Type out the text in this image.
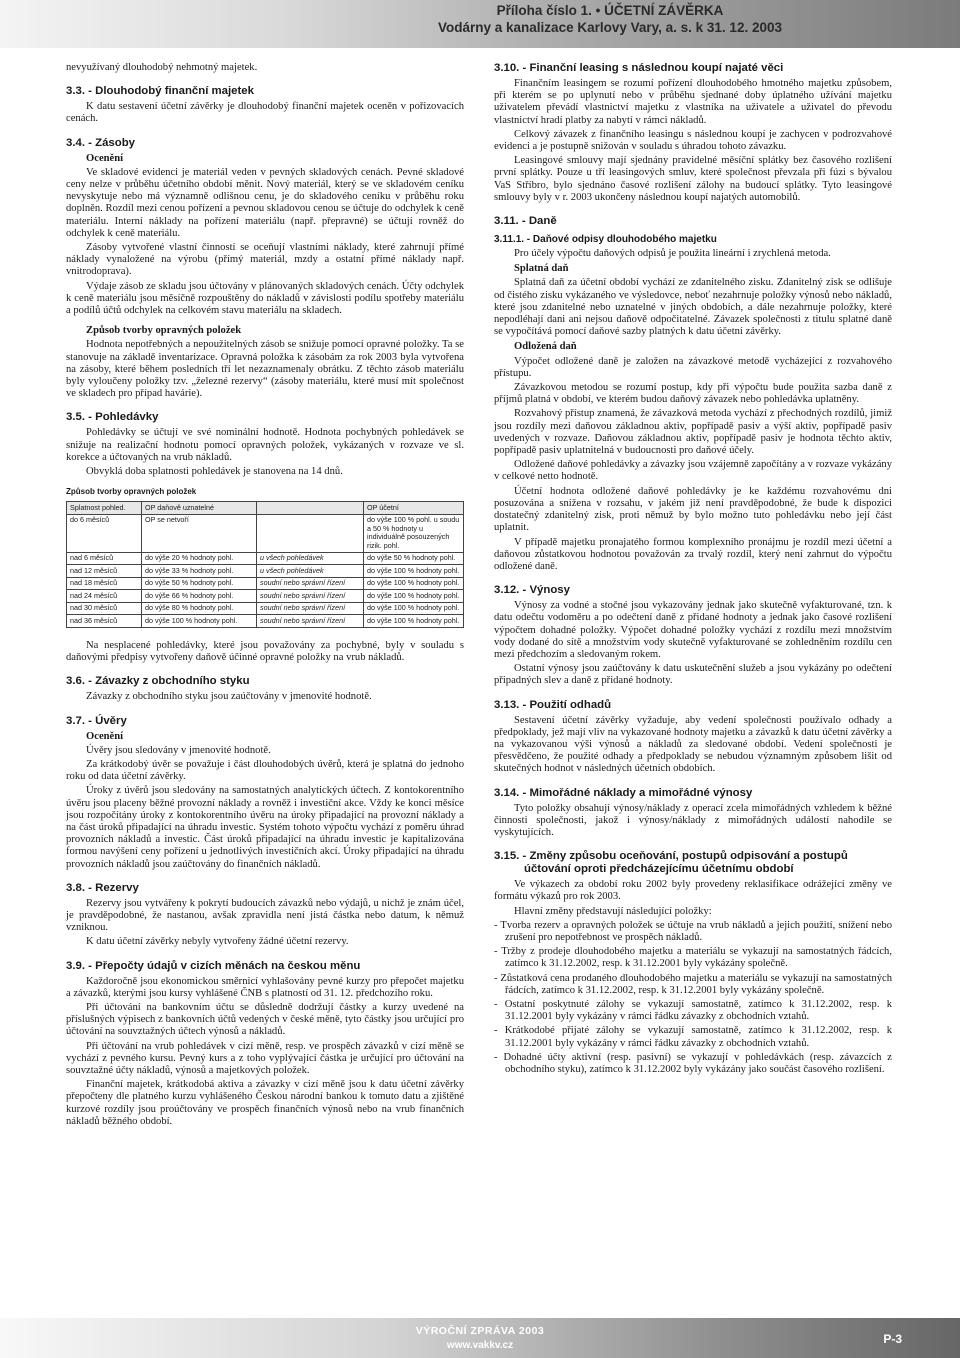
Příloha číslo 1. • ÚČETNÍ ZÁVĚRKA
Vodárny a kanalizace Karlovy Vary, a. s. k 31. 12. 2003

nevyužívaný dlouhodobý nehmotný majetek.

3.3. - Dlouhodobý finanční majetek

K datu sestavení účetní závěrky je dlouhodobý finanční majetek oceněn v pořizovacích cenách.

3.4. - Zásoby

Ocenění

Ve skladové evidenci je materiál veden v pevných skladových cenách. Pevné skladové ceny nelze v průběhu účetního období měnit. Nový materiál, který se ve skladovém ceníku nevyskytuje nebo má významně odlišnou cenu, je do skladového ceníku v průběhu roku doplněn. Rozdíl mezi cenou pořízení a pevnou skladovou cenou se účtuje do odchylek k ceně materiálu. Interní náklady na pořízení materiálu (např. přepravné) se účtují rovněž do odchylek k ceně materiálu.

Zásoby vytvořené vlastní činností se oceňují vlastními náklady, které zahrnují přímé náklady vynaložené na výrobu (přímý materiál, mzdy a ostatní přímé náklady např. vnitrodoprava).

Výdaje zásob ze skladu jsou účtovány v plánovaných skladových cenách. Účty odchylek k ceně materiálu jsou měsíčně rozpouštěny do nákladů v závislosti podílu spotřeby materiálu a podílů účtů odchylek na celkovém stavu materiálu na skladech.

Způsob tvorby opravných položek

Hodnota nepotřebných a nepoužitelných zásob se snižuje pomocí opravné položky. Ta se stanovuje na základě inventarizace. Opravná položka k zásobám za rok 2003 byla vytvořena na zásoby, které během posledních tří let nezaznamenaly obrátku. Z těchto zásob materiálu byly vyloučeny položky tzv. „železné rezervy“ (zásoby materiálu, které musí mít společnost ve skladech pro případ havárie).

3.5. - Pohledávky

Pohledávky se účtují ve své nominální hodnotě. Hodnota pochybných pohledávek se snižuje na realizační hodnotu pomocí opravných položek, vykázaných v rozvaze ve sl. korekce a účtovaných na vrub nákladů.

Obvyklá doba splatnosti pohledávek je stanovena na 14 dnů.

Způsob tvorby opravných položek
Splatnost pohled.	OP daňově uznatelné		OP účetní
do 6 měsíců	OP se netvoří		do výše 100 % pohl. u soudu a 50 % hodnoty u individuálně posouzených rizik. pohl.
nad 6 měsíců	do výše 20 % hodnoty pohl.	u všech pohledávek	do výše 50 % hodnoty pohl.
nad 12 měsíců	do výše 33 % hodnoty pohl.	u všech pohledávek	do výše 100 % hodnoty pohl.
nad 18 měsíců	do výše 50 % hodnoty pohl.	soudní nebo správní řízení	do výše 100 % hodnoty pohl.
nad 24 měsíců	do výše 66 % hodnoty pohl.	soudní nebo správní řízení	do výše 100 % hodnoty pohl.
nad 30 měsíců	do výše 80 % hodnoty pohl.	soudní nebo správní řízení	do výše 100 % hodnoty pohl.
nad 36 měsíců	do výše 100 % hodnoty pohl.	soudní nebo správní řízení	do výše 100 % hodnoty pohl.

Na nesplacené pohledávky, které jsou považovány za pochybné, byly v souladu s daňovými předpisy vytvořeny daňově účinné opravné položky na vrub nákladů.

3.6. - Závazky z obchodního styku

Závazky z obchodního styku jsou zaúčtovány v jmenovité hodnotě.

3.7. - Úvěry

Ocenění

Úvěry jsou sledovány v jmenovité hodnotě.

Za krátkodobý úvěr se považuje i část dlouhodobých úvěrů, která je splatná do jednoho roku od data účetní závěrky.

Úroky z úvěrů jsou sledovány na samostatných analytických účtech. Z kontokorentního úvěru jsou placeny běžné provozní náklady a rovněž i investiční akce. Vždy ke konci měsíce jsou rozpočítány úroky z kontokorentního úvěru na úroky připadající na provozní náklady a na část úroků připadající na úhradu investic. Systém tohoto výpočtu vychází z poměru úhrad provozních nákladů a investic. Část úroků připadající na úhradu investic je kapitalizována formou navýšení ceny pořízení u jednotlivých investičních akcí. Úroky připadající na úhradu provozních nákladů jsou zaúčtovány do finančních nákladů.

3.8. - Rezervy

Rezervy jsou vytvářeny k pokrytí budoucích závazků nebo výdajů, u nichž je znám účel, je pravděpodobné, že nastanou, avšak zpravidla není jistá částka nebo datum, k němuž vzniknou.

K datu účetní závěrky nebyly vytvořeny žádné účetní rezervy.

3.9. - Přepočty údajů v cizích měnách na českou měnu

Každoročně jsou ekonomickou směrnicí vyhlašovány pevné kurzy pro přepočet majetku a závazků, kterými jsou kursy vyhlášené ČNB s platností od 31. 12. předchozího roku.

Při účtování na bankovním účtu se důsledně dodržují částky a kurzy uvedené na příslušných výpisech z bankovních účtů vedených v české měně, tyto částky jsou určující pro účtování na souvztažných účtech výnosů a nákladů.

Při účtování na vrub pohledávek v cizí měně, resp. ve prospěch závazků v cizí měně se vychází z pevného kursu. Pevný kurs a z toho vyplývající částka je určující pro účtování na souvztažné účty nákladů, výnosů a majetkových položek.

Finanční majetek, krátkodobá aktiva a závazky v cizí měně jsou k datu účetní závěrky přepočteny dle platného kurzu vyhlášeného Českou národní bankou k tomuto datu a zjištěné kurzové rozdíly jsou proúčtovány ve prospěch finančních výnosů nebo na vrub finančních nákladů běžného období.

3.10. - Finanční leasing s následnou koupí najaté věci

Finančním leasingem se rozumí pořízení dlouhodobého hmotného majetku způsobem, při kterém se po uplynutí nebo v průběhu sjednané doby úplatného užívání majetku uživatelem převádí vlastnictví majetku z vlastníka na uživatele a uživatel do převodu vlastnictví hradí platby za nabytí v rámci nákladů.

Celkový závazek z finančního leasingu s následnou koupí je zachycen v podrozvahové evidenci a je postupně snižován v souladu s úhradou tohoto závazku.

Leasingové smlouvy mají sjednány pravidelné měsíční splátky bez časového rozlišení první splátky. Pouze u tří leasingových smluv, které společnost převzala při fúzi s bývalou VaS Stříbro, bylo sjednáno časové rozlišení zálohy na budoucí splátky. Tyto leasingové smlouvy byly v r. 2003 ukončeny následnou koupí najatých automobilů.

3.11. - Daně
3.11.1. - Daňové odpisy dlouhodobého majetku

Pro účely výpočtu daňových odpisů je použita lineární i zrychlená metoda.

Splatná daň

Splatná daň za účetní období vychází ze zdanitelného zisku. Zdanitelný zisk se odlišuje od čistého zisku vykázaného ve výsledovce, neboť nezahrnuje položky výnosů nebo nákladů, které jsou zdanitelné nebo uznatelné v jiných obdobích, a dále nezahrnuje položky, které nepodléhají dani ani nejsou daňově odpočitatelné. Závazek společnosti z titulu splatné daně se vypočítává pomocí daňové sazby platných k datu účetní závěrky.

Odložená daň

Výpočet odložené daně je založen na závazkové metodě vycházející z rozvahového přístupu.

Závazkovou metodou se rozumí postup, kdy při výpočtu bude použita sazba daně z příjmů platná v období, ve kterém budou daňový závazek nebo pohledávka uplatněny.

Rozvahový přístup znamená, že závazková metoda vychází z přechodných rozdílů, jimiž jsou rozdíly mezi daňovou základnou aktiv, popřípadě pasiv a výší aktiv, popřípadě pasiv uvedených v rozvaze. Daňovou základnou aktiv, popřípadě pasiv je hodnota těchto aktiv, popřípadě pasiv uplatnitelná v budoucnosti pro daňové účely.

Odložené daňové pohledávky a závazky jsou vzájemně započítány a v rozvaze vykázány v celkové netto hodnotě.

Účetní hodnota odložené daňové pohledávky je ke každému rozvahovému dni posuzována a snížena v rozsahu, v jakém již není pravděpodobné, že bude k dispozici dostatečný zdanitelný zisk, proti němuž by bylo možno tuto pohledávku nebo její část uplatnit.

V případě majetku pronajatého formou komplexního pronájmu je rozdíl mezi účetní a daňovou zůstatkovou hodnotou považován za trvalý rozdíl, který není zahrnut do výpočtu odložené daně.

3.12. - Výnosy

Výnosy za vodné a stočné jsou vykazovány jednak jako skutečně vyfakturované, tzn. k datu odečtu vodoměru a po odečtení daně z přidané hodnoty a jednak jako časové rozlišení výpočtem dohadné položky. Výpočet dohadné položky vychází z rozdílu mezi množstvím vody dodané do sítě a množstvím vody skutečně vyfakturované se zohledněním rozdílu cen mezi předchozím a sledovaným rokem.

Ostatní výnosy jsou zaúčtovány k datu uskutečnění služeb a jsou vykázány po odečtení připadných slev a daně z přidané hodnoty.

3.13. - Použití odhadů

Sestavení účetní závěrky vyžaduje, aby vedení společnosti používalo odhady a předpoklady, jež mají vliv na vykazované hodnoty majetku a závazků k datu účetní závěrky a na vykazovanou výši výnosů a nákladů za sledované období. Vedení společnosti je přesvědčeno, že použité odhady a předpoklady se nebudou významným způsobem lišit od skutečných hodnot v následných účetních obdobích.

3.14. - Mimořádné náklady a mimořádné výnosy

Tyto položky obsahují výnosy/náklady z operací zcela mimořádných vzhledem k běžné činnosti společnosti, jakož i výnosy/náklady z mimořádných událostí nahodile se vyskytujících.

3.15. - Změny způsobu oceňování, postupů odpisování a postupů
účtování oproti předcházejícímu účetnímu období

Ve výkazech za období roku 2002 byly provedeny reklasifikace odrážející změny ve formátu výkazů pro rok 2003.

Hlavní změny představují následující položky:

- Tvorba rezerv a opravných položek se účtuje na vrub nákladů a jejich použití, snížení nebo zrušení pro nepotřebnost ve prospěch nákladů.
- Tržby z prodeje dlouhodobého majetku a materiálu se vykazují na samostatných řádcích, zatímco k 31.12.2002, resp. k 31.12.2001 byly vykázány společně.
- Zůstatková cena prodaného dlouhodobého majetku a materiálu se vykazují na samostatných řádcích, zatímco k 31.12.2002, resp. k 31.12.2001 byly vykázány společně.
- Ostatní poskytnuté zálohy se vykazují samostatně, zatímco k 31.12.2002, resp. k 31.12.2001 byly vykázány v rámci řádku závazky z obchodních vztahů.
- Krátkodobé přijaté zálohy se vykazují samostatně, zatímco k 31.12.2002, resp. k 31.12.2001 byly vykázány v rámci řádku závazky z obchodních vztahů.
- Dohadné účty aktivní (resp. pasivní) se vykazují v pohledávkách (resp. závazcích z obchodního styku), zatímco k 31.12.2002 byly vykázány jako součást časového rozlišení.
VÝROČNÍ ZPRÁVA 2003
www.vakkv.cz	P-3
